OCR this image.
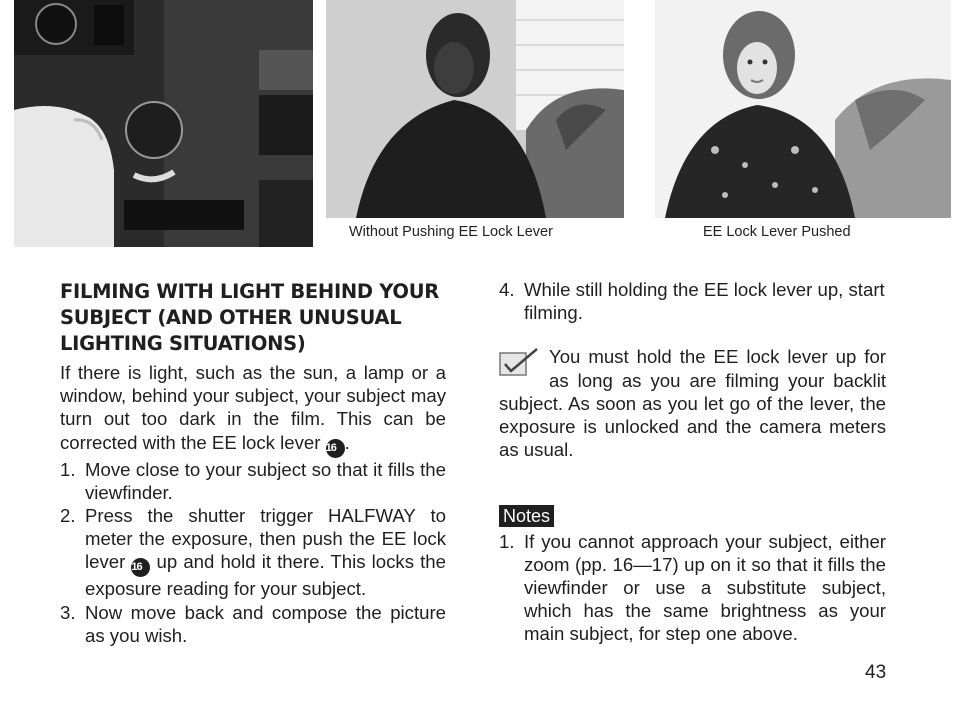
Without Pushing EE Lock Lever	EE Lock Lever Pushed
FILMING WITH LIGHT BEHIND YOUR
SUBJECT (AND OTHER UNUSUAL
LIGHTING SITUATIONS)

If there is light, such as the sun, a lamp or a window, behind your subject, your subject may turn out too dark in the film. This can be corrected with the EE lock lever 16 .

1. Move close to your subject so that it fills the viewfinder.
2. Press the shutter trigger HALFWAY to meter the exposure, then push the EE lock lever 16 up and hold it there. This locks the exposure reading for your subject.
3. Now move back and compose the picture as you wish.
4. While still holding the EE lock lever up, start filming.
You must hold the EE lock lever up for as long as you are filming your backlit subject. As soon as you let go of the lever, the exposure is unlocked and the camera meters as usual.
Notes
1. If you cannot approach your subject, either zoom (pp. 16—17) up on it so that it fills the viewfinder or use a substitute subject, which has the same brightness as your main subject, for step one above.
43
